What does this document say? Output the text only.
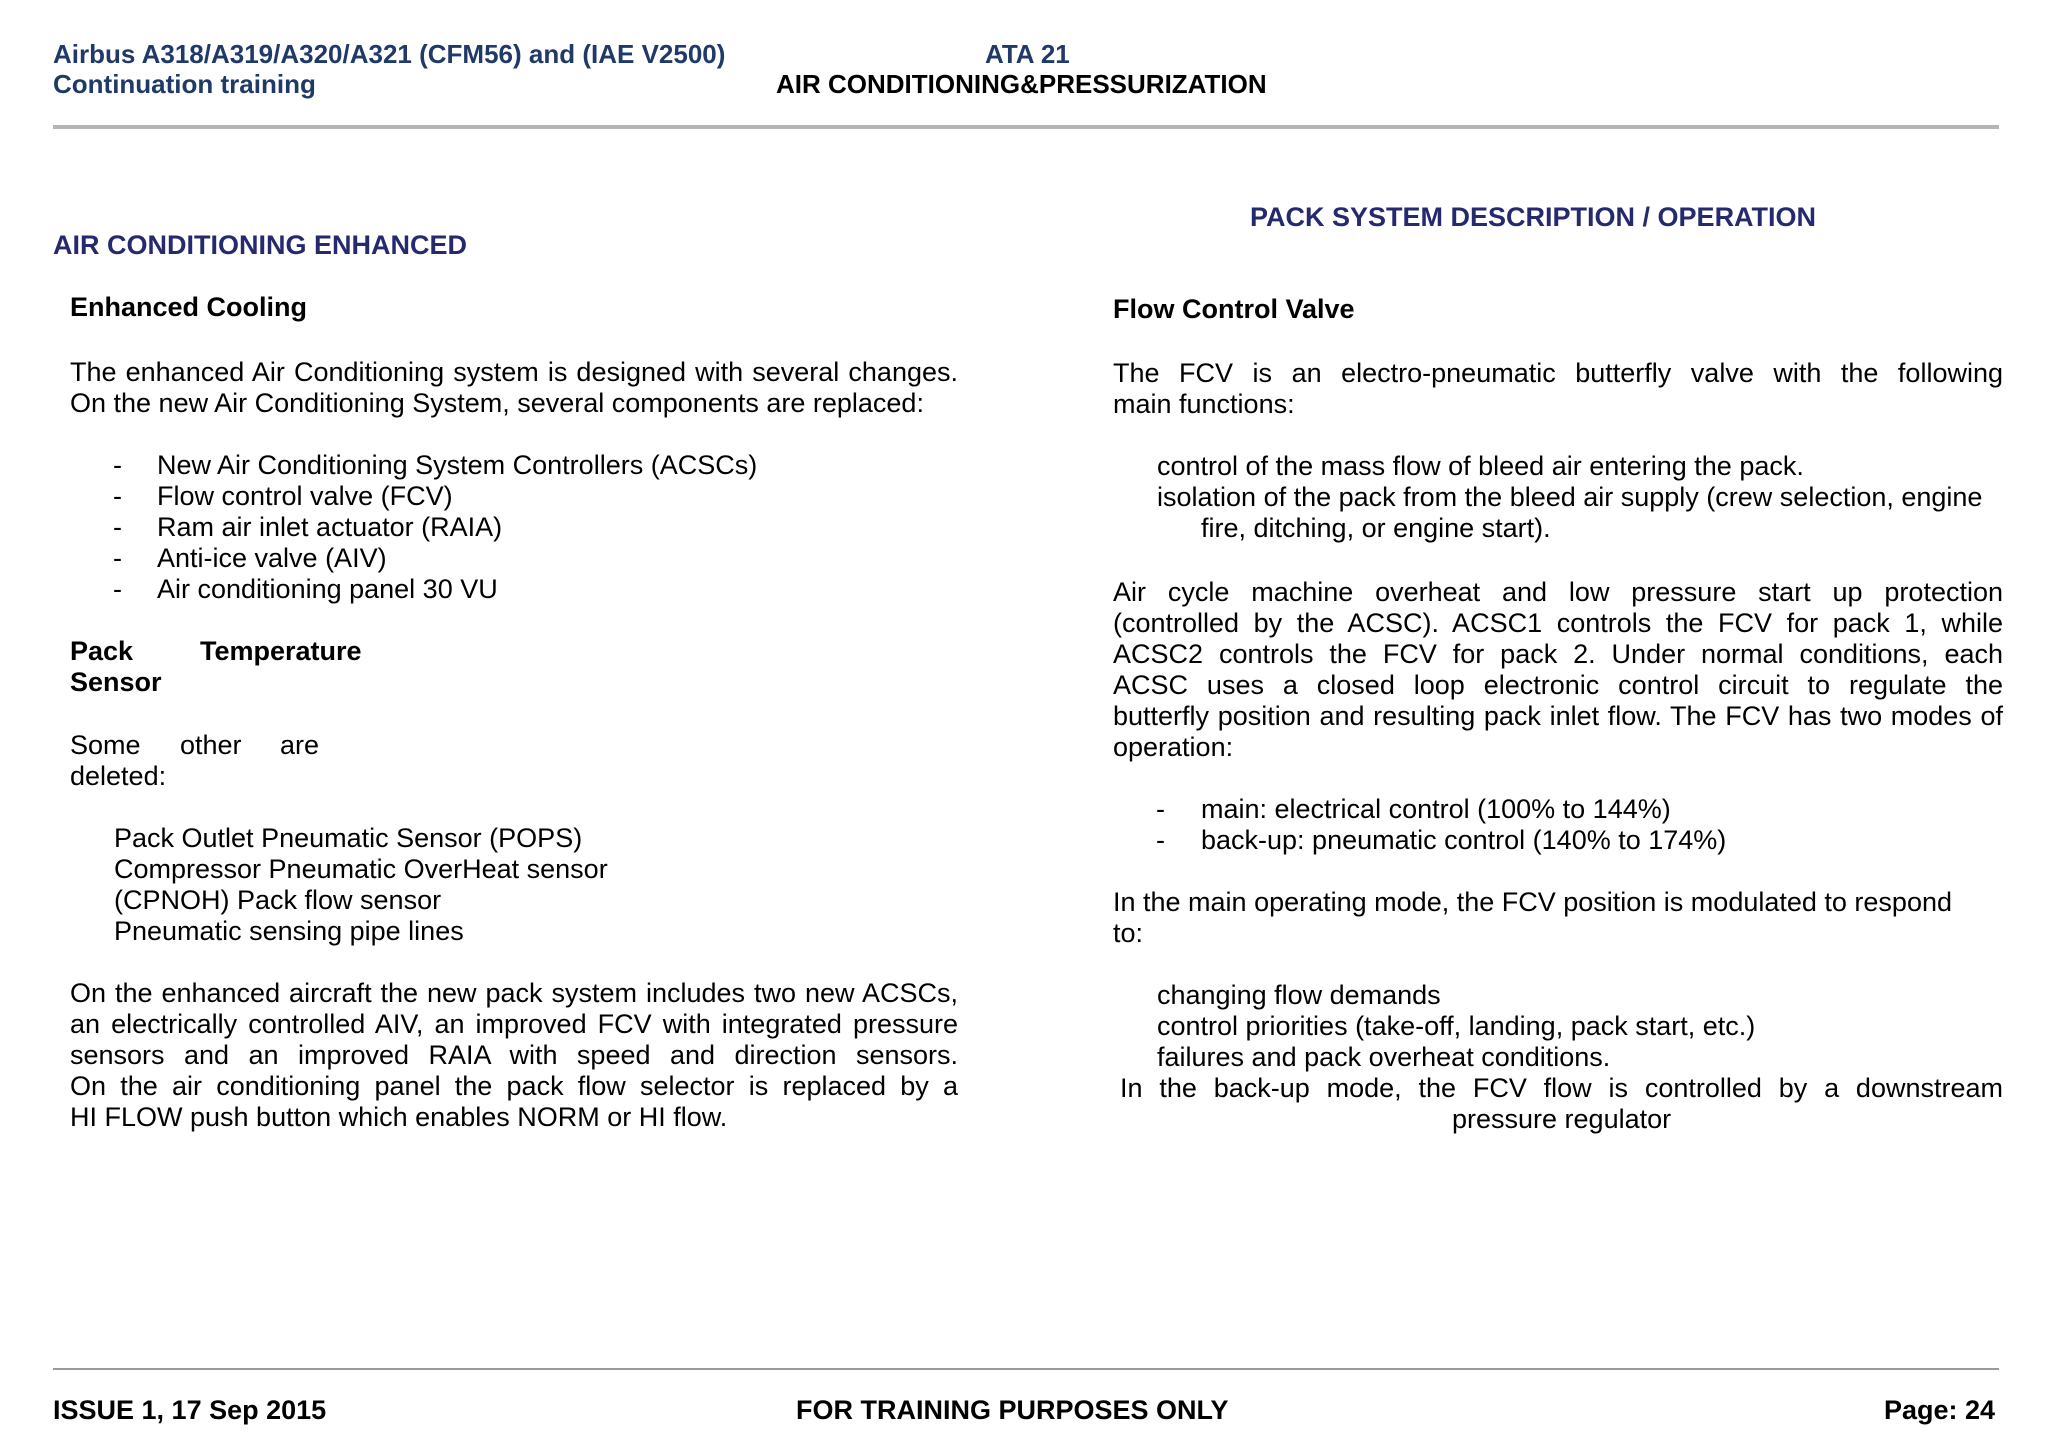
Airbus A318/A319/A320/A321 (CFM56) and (IAE V2500)
Continuation training
ATA 21
AIR CONDITIONING&PRESSURIZATION
AIR CONDITIONING ENHANCED
Enhanced Cooling
The enhanced Air Conditioning system is designed with several changes.
On the new Air Conditioning System, several components are replaced:
- New Air Conditioning System Controllers (ACSCs)
- Flow control valve (FCV)
- Ram air inlet actuator (RAIA)
- Anti-ice valve (AIV)
- Air conditioning panel 30 VU
Pack Temperature
Sensor
Some other are
deleted:
Pack Outlet Pneumatic Sensor (POPS)
Compressor Pneumatic OverHeat sensor
(CPNOH) Pack flow sensor
Pneumatic sensing pipe lines
On the enhanced aircraft the new pack system includes two new ACSCs,
an electrically controlled AIV, an improved FCV with integrated pressure
sensors and an improved RAIA with speed and direction sensors.
On the air conditioning panel the pack flow selector is replaced by a
HI FLOW push button which enables NORM or HI flow.
PACK SYSTEM DESCRIPTION / OPERATION
Flow Control Valve
The FCV is an electro-pneumatic butterfly valve with the following
main functions:
control of the mass flow of bleed air entering the pack.
isolation of the pack from the bleed air supply (crew selection, engine
fire, ditching, or engine start).
Air cycle machine overheat and low pressure start up protection
(controlled by the ACSC). ACSC1 controls the FCV for pack 1, while
ACSC2 controls the FCV for pack 2. Under normal conditions, each
ACSC uses a closed loop electronic control circuit to regulate the
butterfly position and resulting pack inlet flow. The FCV has two modes of
operation:
- main: electrical control (100% to 144%)
- back-up: pneumatic control (140% to 174%)
In the main operating mode, the FCV position is modulated to respond
to:
changing flow demands
control priorities (take-off, landing, pack start, etc.)
failures and pack overheat conditions.
In the back-up mode, the FCV flow is controlled by a downstream
pressure regulator
ISSUE 1, 17 Sep 2015	FOR TRAINING PURPOSES ONLY	Page: 24
